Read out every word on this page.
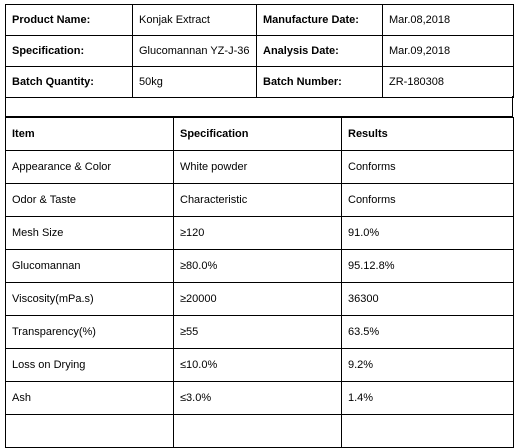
Product Name:	Konjak Extract	Manufacture Date:	Mar.08,2018
Specification:	Glucomannan YZ-J-36	Analysis Date:	Mar.09,2018
Batch Quantity:	50kg	Batch Number:	ZR-180308
Item	Specification	Results
Appearance & Color	White powder	Conforms
Odor & Taste	Characteristic	Conforms
Mesh Size	≥120	91.0%
Glucomannan	≥80.0%	95.12.8%
Viscosity(mPa.s)	≥20000	36300
Transparency(%)	≥55	63.5%
Loss on Drying	≤10.0%	9.2%
Ash	≤3.0%	1.4%
